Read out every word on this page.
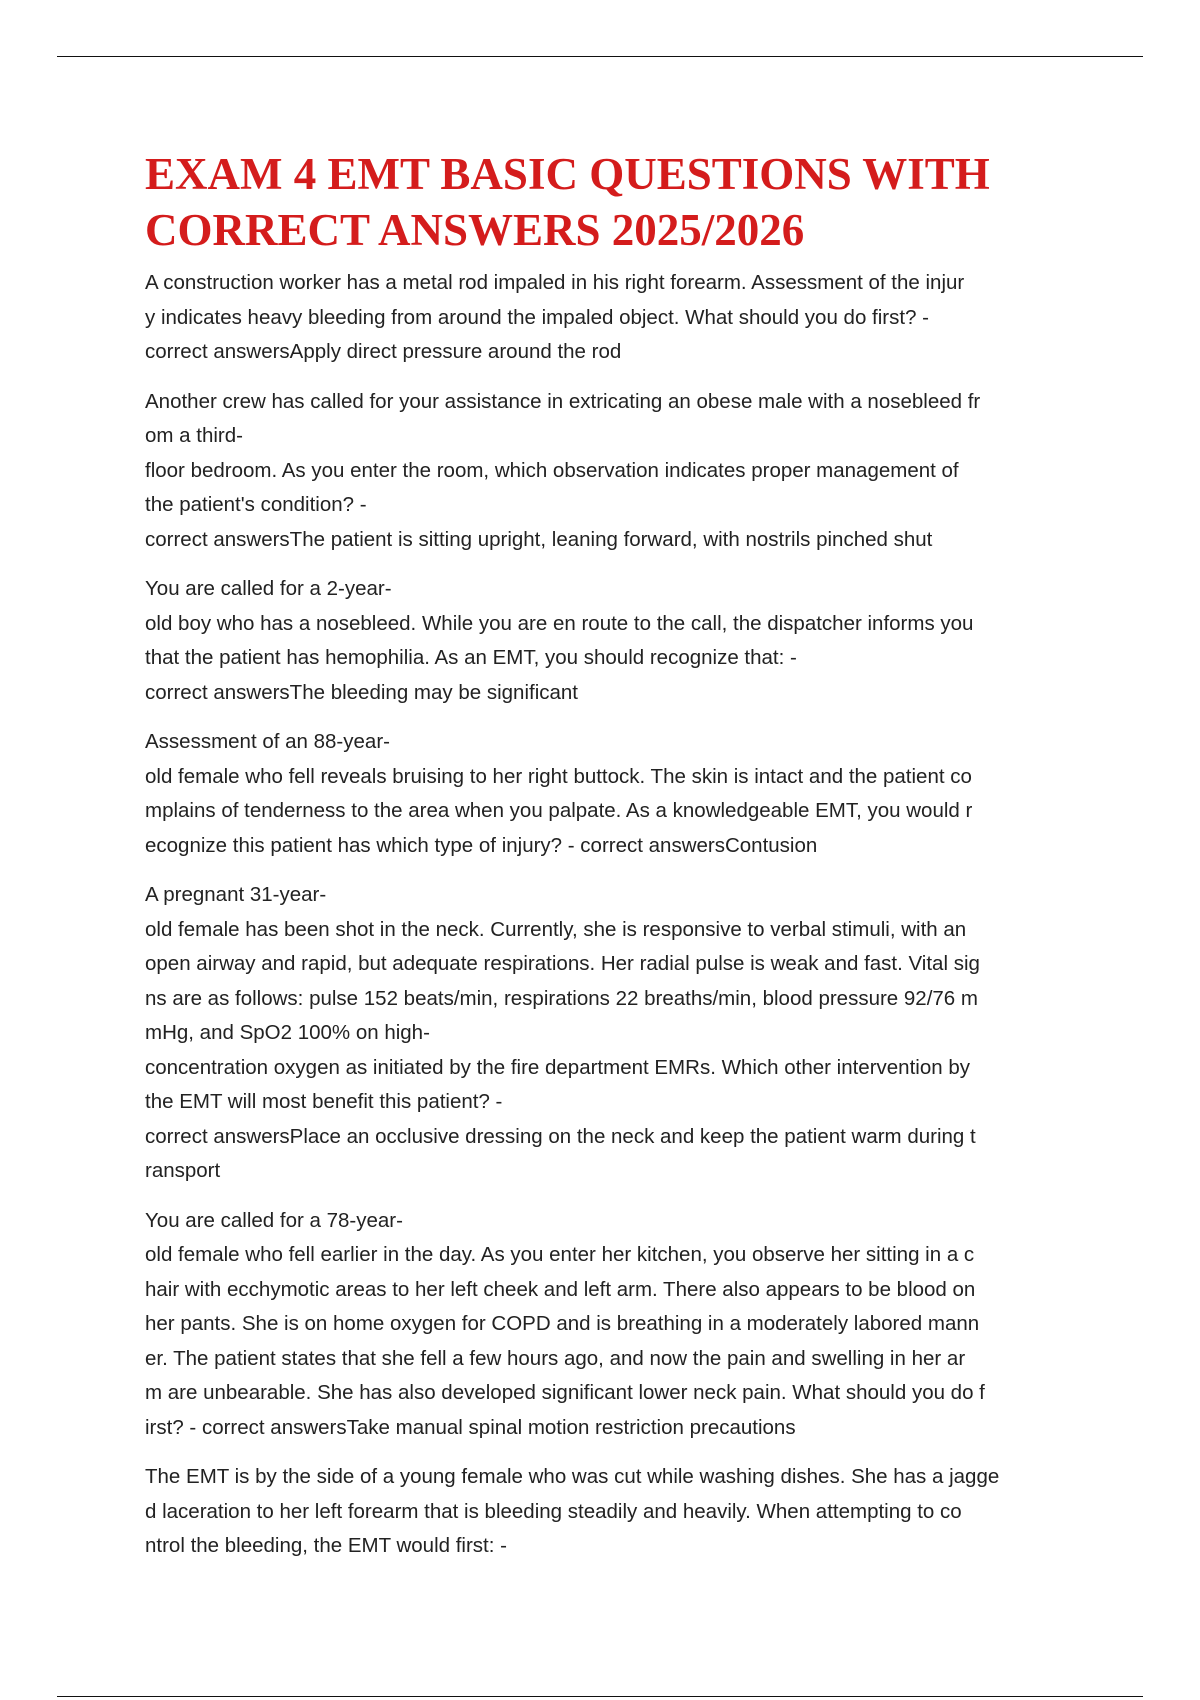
EXAM 4 EMT BASIC QUESTIONS WITH
CORRECT ANSWERS 2025/2026

A construction worker has a metal rod impaled in his right forearm. Assessment of the injur
y indicates heavy bleeding from around the impaled object. What should you do first? -
correct answersApply direct pressure around the rod

Another crew has called for your assistance in extricating an obese male with a nosebleed fr
om a third-
floor bedroom. As you enter the room, which observation indicates proper management of
the patient's condition? -
correct answersThe patient is sitting upright, leaning forward, with nostrils pinched shut

You are called for a 2-year-
old boy who has a nosebleed. While you are en route to the call, the dispatcher informs you
that the patient has hemophilia. As an EMT, you should recognize that: -
correct answersThe bleeding may be significant

Assessment of an 88-year-
old female who fell reveals bruising to her right buttock. The skin is intact and the patient co
mplains of tenderness to the area when you palpate. As a knowledgeable EMT, you would r
ecognize this patient has which type of injury? - correct answersContusion

A pregnant 31-year-
old female has been shot in the neck. Currently, she is responsive to verbal stimuli, with an
open airway and rapid, but adequate respirations. Her radial pulse is weak and fast. Vital sig
ns are as follows: pulse 152 beats/min, respirations 22 breaths/min, blood pressure 92/76 m
mHg, and SpO2 100% on high-
concentration oxygen as initiated by the fire department EMRs. Which other intervention by
the EMT will most benefit this patient? -
correct answersPlace an occlusive dressing on the neck and keep the patient warm during t
ransport

You are called for a 78-year-
old female who fell earlier in the day. As you enter her kitchen, you observe her sitting in a c
hair with ecchymotic areas to her left cheek and left arm. There also appears to be blood on
her pants. She is on home oxygen for COPD and is breathing in a moderately labored mann
er. The patient states that she fell a few hours ago, and now the pain and swelling in her ar
m are unbearable. She has also developed significant lower neck pain. What should you do f
irst? - correct answersTake manual spinal motion restriction precautions

The EMT is by the side of a young female who was cut while washing dishes. She has a jagge
d laceration to her left forearm that is bleeding steadily and heavily. When attempting to co
ntrol the bleeding, the EMT would first: -
